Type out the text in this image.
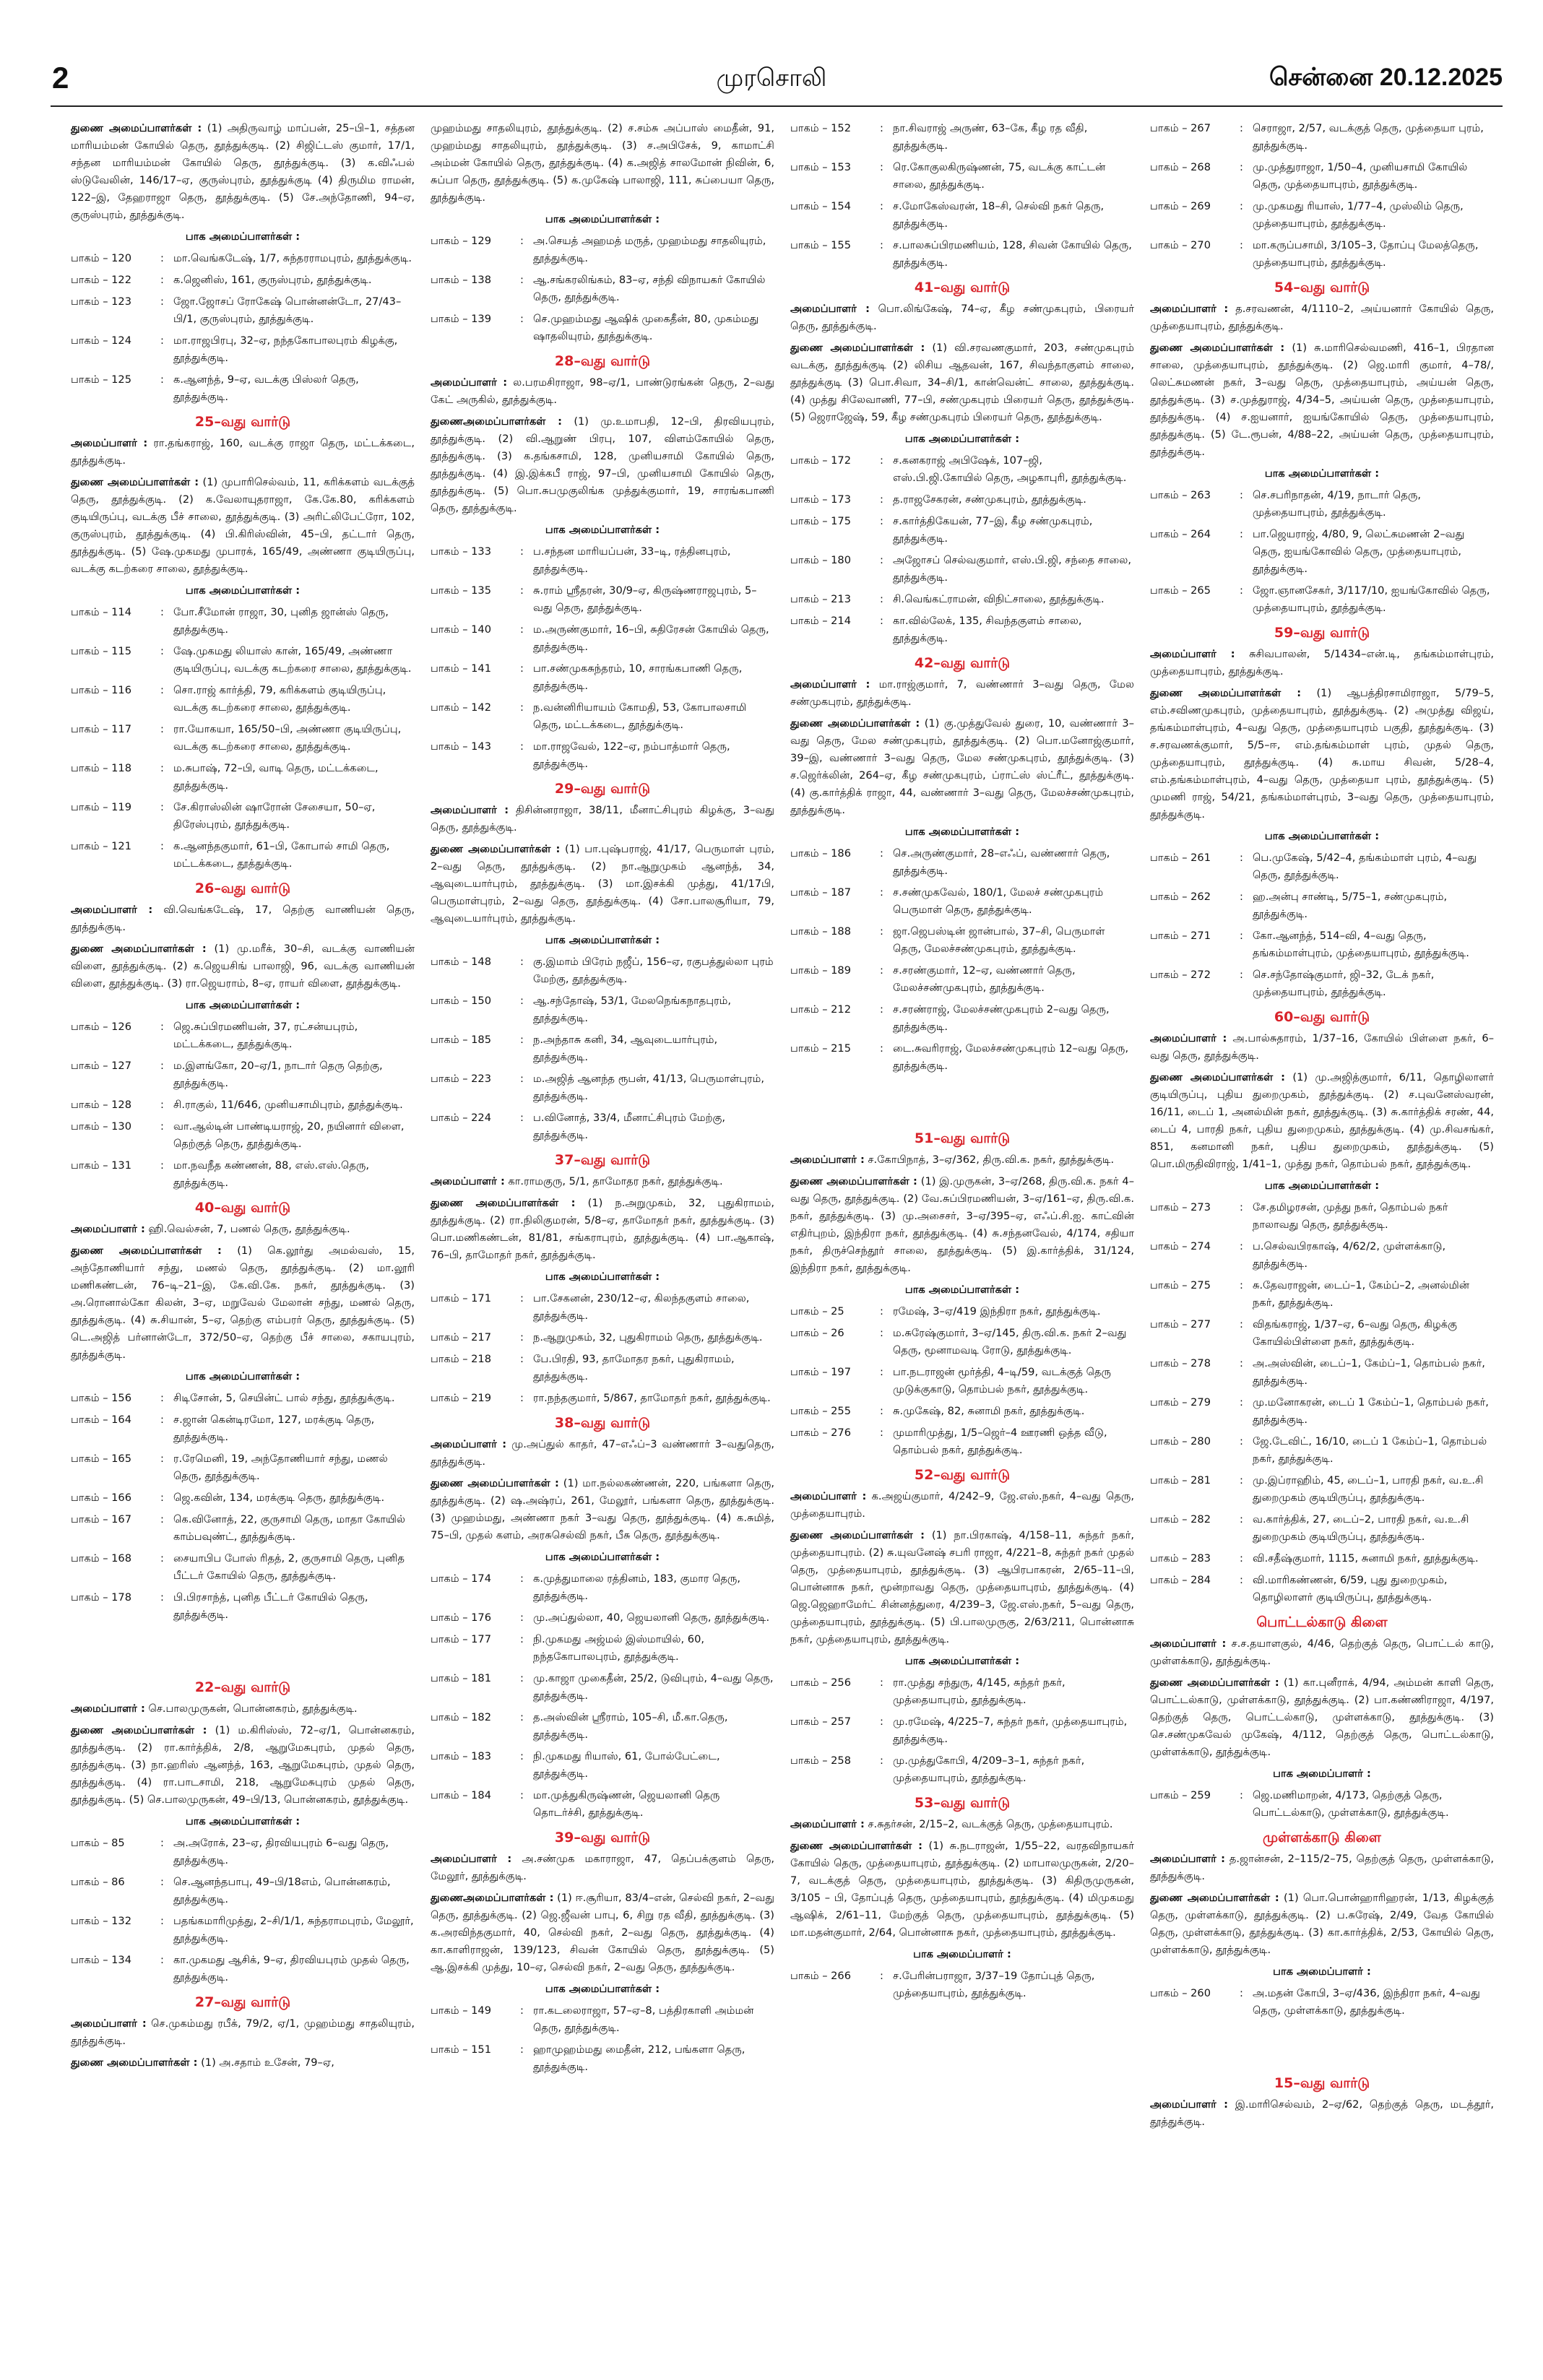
2	முரசொலி	சென்னை 20.12.2025

துணை அமைப்பாளர்கள் : (1) அதிருவாழ் மாப்பன், 25–பி–1, சத்தன மாரியம்மன் கோயில் தெரு, தூத்துக்குடி. (2) சிஜிட்டஸ் குமார், 17/1, சந்தன மாரியம்மன் கோயில் தெரு, தூத்துக்குடி. (3) க.விஃபல் ஸ்டுவேலின், 146/17–ஏ, குருஸ்புரம், தூத்துக்குடி (4) திருமிம ராமன், 122–இ, தேஹராஜா தெரு, தூத்துக்குடி. (5) சே.அந்தோணி, 94–ஏ, குருஸ்புரம், தூத்துக்குடி.

பாக அமைப்பாளர்கள் :
பாகம் – 120	: மா.வெங்கடேஷ், 1/7, சுந்தரராமபுரம், தூத்துக்குடி.
பாகம் – 122	: க.ஜெனிஸ், 161, குருஸ்புரம், தூத்துக்குடி.
பாகம் – 123	: ஜோ.ஜோசப் ரோகேஷ் பொன்னன்டோ, 27/43–பி/1, குருஸ்புரம், தூத்துக்குடி.
பாகம் – 124	: மா.ராஜபிரபு, 32–ஏ, நந்தகோபாலபுரம் கிழக்கு, தூத்துக்குடி.
பாகம் – 125	: க.ஆனந்த், 9–ஏ, வடக்கு பிஸ்லர் தெரு, தூத்துக்குடி.
25–வது வார்டு

அமைப்பாளர் : ரா.தங்கராஜ், 160, வடக்கு ராஜா தெரு, மட்டக்கடை, தூத்துக்குடி.

துணை அமைப்பாளர்கள் : (1) முபாரிசெல்வம், 11, கரிக்களம் வடக்குத் தெரு, தூத்துக்குடி. (2) க.வேலாயுதராஜா, கே.கே.80, கரிக்களம் குடியிருப்பு, வடக்கு பீச் சாலை, தூத்துக்குடி. (3) அரிட்லிபேட்ரோ, 102, குருஸ்புரம், தூத்துக்குடி. (4) பி.கிரிஸ்வின், 45–பி, தட்டார் தெரு, தூத்துக்குடி. (5) ஷே.முகமது முபாரக், 165/49, அண்ணா குடியிருப்பு, வடக்கு கடற்கரை சாலை, தூத்துக்குடி.

பாக அமைப்பாளர்கள் :
பாகம் – 114	: போ.சீமோன் ராஜா, 30, புனித ஜான்ஸ் தெரு, தூத்துக்குடி.
பாகம் – 115	: ஷே.முகமது லியாஸ் கான், 165/49, அண்ணா குடியிருப்பு, வடக்கு கடற்கரை சாலை, தூத்துக்குடி.
பாகம் – 116	: சொ.ராஜ் கார்த்தி, 79, கரிக்களம் குடியிருப்பு, வடக்கு கடற்கரை சாலை, தூத்துக்குடி.
பாகம் – 117	: ரா.யோகயா, 165/50–பி, அண்ணா குடியிருப்பு, வடக்கு கடற்கரை சாலை, தூத்துக்குடி.
பாகம் – 118	: ம.சுபாஷ், 72–பி, வாடி தெரு, மட்டக்கடை, தூத்துக்குடி.
பாகம் – 119	: சே.கிராஸ்லின் ஷாரோன் சேசையா, 50–ஏ, திரேஸ்புரம், தூத்துக்குடி.
பாகம் – 121	: க.ஆனந்தகுமார், 61–பி, கோபால் சாமி தெரு, மட்டக்கடை, தூத்துக்குடி.
26–வது வார்டு

அமைப்பாளர் : வி.வெங்கடேஷ், 17, தெற்கு வாணியன் தெரு, தூத்துக்குடி.

துணை அமைப்பாளர்கள் : (1) மு.மரீக், 30–சி, வடக்கு வாணியன் விளை, தூத்துக்குடி. (2) க.ஜெயசிங் பாலாஜி, 96, வடக்கு வாணியன் விளை, தூத்துக்குடி. (3) ரா.ஜெயராம், 8–ஏ, ராயர் விளை, தூத்துக்குடி.

பாக அமைப்பாளர்கள் :
பாகம் – 126	: ஜெ.சுப்பிரமணியன், 37, ரட்சன்யபுரம், மட்டக்கடை, தூத்துக்குடி.
பாகம் – 127	: ம.இளங்கோ, 20–ஏ/1, நாடார் தெரு தெற்கு, தூத்துக்குடி.
பாகம் – 128	: சி.ராகுல், 11/646, முனியசாமிபுரம், தூத்துக்குடி.
பாகம் – 130	: வா.ஆல்டின் பாண்டியராஜ், 20, நயினார் விளை, தெற்குத் தெரு, தூத்துக்குடி.
பாகம் – 131	: மா.நவநீத கண்ணன், 88, எஸ்.எஸ்.தெரு, தூத்துக்குடி.
40–வது வார்டு

அமைப்பாளர் : ஹி.வெல்சன், 7, பணல் தெரு, தூத்துக்குடி.

துணை அமைப்பாளர்கள் : (1) கெ.லூர்து அமல்வஸ், 15, அந்தோணியார் சந்து, மணல் தெரு, தூத்துக்குடி. (2) மா.லூரி மணிகண்டன், 76–டி–21–இ, கே.வி.கே. நகர், தூத்துக்குடி. (3) அ.ரொனால்கோ கிலன், 3–ஏ, மறுவேல் மேலான் சந்து, மணல் தெரு, தூத்துக்குடி. (4) சு.சியான், 5–ஏ, தெற்கு எம்பரர் தெரு, தூத்துக்குடி. (5) டெ.அஜித் பர்னான்டோ, 372/50–ஏ, தெற்கு பீச் சாலை, சகாயபுரம், தூத்துக்குடி.

பாக அமைப்பாளர்கள் :
பாகம் – 156	: சிடிசோன், 5, செயின்ட் பால் சந்து, தூத்துக்குடி.
பாகம் – 164	: ச.ஜான் கென்டிரமோ, 127, மரக்குடி தெரு, தூத்துக்குடி.
பாகம் – 165	: ர.ரேமெனி, 19, அந்தோணியார் சந்து, மணல் தெரு, தூத்துக்குடி.
பாகம் – 166	: ஜெ.கவின், 134, மரக்குடி தெரு, தூத்துக்குடி.
பாகம் – 167	: கெ.வினோத், 22, குருசாமி தெரு, மாதா கோயில் காம்பவுண்ட், தூத்துக்குடி.
பாகம் – 168	: சையாபிப போஸ் ரிதத், 2, குருசாமி தெரு, புனித பீட்டர் கோயில் தெரு, தூத்துக்குடி.
பாகம் – 178	: பி.பிரசாந்த், புனித பீட்டர் கோயில் தெரு, தூத்துக்குடி.
22–வது வார்டு

அமைப்பாளர் : செ.பாலமுருகன், பொன்னகரம், தூத்துக்குடி.

துணை அமைப்பாளர்கள் : (1) ம.கிரிஸ்ஸ், 72–ஏ/1, பொன்னகரம், தூத்துக்குடி. (2) ரா.கார்த்திக், 2/8, ஆறுமேசுபுரம், முதல் தெரு, தூத்துக்குடி. (3) நா.ஹரிஸ் ஆனந்த், 163, ஆறுமேசுபுரம், முதல் தெரு, தூத்துக்குடி. (4) ரா.பாடசாமி, 218, ஆறுமேசுபுரம் முதல் தெரு, தூத்துக்குடி. (5) செ.பாலமுருகன், 49–பி/13, பொன்னகரம், தூத்துக்குடி.

பாக அமைப்பாளர்கள் :
பாகம் – 85	: அ.அரோக், 23–ஏ, திரவியபுரம் 6–வது தெரு, தூத்துக்குடி.
பாகம் – 86	: செ.ஆனந்தபாபு, 49–பி/18எம், பொன்னகரம், தூத்துக்குடி.
பாகம் – 132	: பதங்கமாரிமுத்து, 2–சி/1/1, சுந்தராமபுரம், மேலூர், தூத்துக்குடி.
பாகம் – 134	: கா.முகமது ஆசிக், 9–ஏ, திரவியபுரம் முதல் தெரு, தூத்துக்குடி.
27–வது வார்டு

அமைப்பாளர் : செ.முகம்மது ரபீக், 79/2, ஏ/1, முஹம்மது சாதலியுரம், தூத்துக்குடி.

துணை அமைப்பாளர்கள் : (1) அ.சதாம் உசேன், 79–ஏ,

முஹம்மது சாதலியுரம், தூத்துக்குடி. (2) ச.சம்சு அப்பாஸ் மைதீன், 91, முஹம்மது சாதலியுரம், தூத்துக்குடி. (3) ச.அபிசேக், 9, காமாட்சி அம்மன் கோயில் தெரு, தூத்துக்குடி. (4) க.அஜித் சாலமோன் நிவின், 6, சுப்பா தெரு, தூத்துக்குடி. (5) க.முகேஷ் பாலாஜி, 111, சுப்பையா தெரு, தூத்துக்குடி.

பாக அமைப்பாளர்கள் :
பாகம் – 129	: அ.செயத் அஹமத் மருத், முஹம்மது சாதலியுரம், தூத்துக்குடி.
பாகம் – 138	: ஆ.சங்கரலிங்கம், 83–ஏ, சந்தி விநாயகர் கோயில் தெரு, தூத்துக்குடி.
பாகம் – 139	: செ.முஹம்மது ஆஷிக் முகைதீன், 80, முகம்மது ஷாதலியுரம், தூத்துக்குடி.
28–வது வார்டு

அமைப்பாளர் : ல.பரமசிராஜா, 98–ஏ/1, பாண்டுரங்கன் தெரு, 2–வது கேட் அருகில், தூத்துக்குடி.

துணைஅமைப்பாளர்கள் : (1) மு.உமாபதி, 12–பி, திரவியபுரம், தூத்துக்குடி. (2) வி.ஆறுண் பிரபு, 107, விளம்கோயில் தெரு, தூத்துக்குடி. (3) க.தங்கசாமி, 128, முனியசாமி கோயில் தெரு, தூத்துக்குடி. (4) இ.இக்கபீ ராஜ், 97–பி, முனியசாமி கோயில் தெரு, தூத்துக்குடி. (5) பொ.சுபமுகுலிங்க முத்துக்குமார், 19, சாரங்கபாணி தெரு, தூத்துக்குடி.

பாக அமைப்பாளர்கள் :
பாகம் – 133	: ப.சந்தன மாரியப்பன், 33–டி, ரத்தினபுரம், தூத்துக்குடி.
பாகம் – 135	: சு.ராம் ஸ்ரீதரன், 30/9–ஏ, கிருஷ்ணராஜபுரம், 5–வது தெரு, தூத்துக்குடி.
பாகம் – 140	: ம.அருண்குமார், 16–பி, சுதிரேசன் கோயில் தெரு, தூத்துக்குடி.
பாகம் – 141	: பா.சண்முகசுந்தரம், 10, சாரங்கபாணி தெரு, தூத்துக்குடி.
பாகம் – 142	: ந.வன்னிரியாயம் கோமதி, 53, கோபாலசாமி தெரு, மட்டக்கடை, தூத்துக்குடி.
பாகம் – 143	: மா.ராஜவேல், 122–ஏ, நம்பாத்மார் தெரு, தூத்துக்குடி.
29–வது வார்டு

அமைப்பாளர் : திசின்னராஜா, 38/11, மீனாட்சிபுரம் கிழக்கு, 3–வது தெரு, தூத்துக்குடி.

துணை அமைப்பாளர்கள் : (1) பா.புஷ்பராஜ், 41/17, பெருமாள் புரம், 2–வது தெரு, தூத்துக்குடி. (2) நா.ஆறுமுகம் ஆனந்த், 34, ஆவுடையார்புரம், தூத்துக்குடி. (3) மா.இசக்கி முத்து, 41/17பி, பெருமாள்புரம், 2–வது தெரு, தூத்துக்குடி. (4) சோ.பாலசூரியா, 79, ஆவுடையார்புரம், தூத்துக்குடி.

பாக அமைப்பாளர்கள் :
பாகம் – 148	: கு.இமாம் பிரேம் நஜீப், 156–ஏ, ரகுபத்துல்லா புரம் மேற்கு, தூத்துக்குடி.
பாகம் – 150	: ஆ.சந்தோஷ், 53/1, மேலநெங்கநாதபுரம், தூத்துக்குடி.
பாகம் – 185	: ந.அந்தாசு கனி, 34, ஆவுடையார்புரம், தூத்துக்குடி.
பாகம் – 223	: ம.அஜித் ஆனந்த ரூபன், 41/13, பெருமாள்புரம், தூத்துக்குடி.
பாகம் – 224	: ப.வினோத், 33/4, மீனாட்சிபுரம் மேற்கு, தூத்துக்குடி.
37–வது வார்டு

அமைப்பாளர் : கா.ராமகுரு, 5/1, தாமோதர நகர், தூத்துக்குடி.

துணை அமைப்பாளர்கள் : (1) ந.அறுமுகம், 32, புதுகிராமம், தூத்துக்குடி. (2) ரா.நிலிகுமரன், 5/8–ஏ, தாமோதர் நகர், தூத்துக்குடி. (3) பொ.மணிகண்டன், 81/81, சங்கராபுரம், தூத்துக்குடி. (4) பா.ஆகாஷ், 76–பி, தாமோதர் நகர், தூத்துக்குடி.

பாக அமைப்பாளர்கள் :
பாகம் – 171	: பா.சேகனன், 230/12–ஏ, கிலந்தகுளம் சாலை, தூத்துக்குடி.
பாகம் – 217	: ந.ஆறுமுகம், 32, புதுகிராமம் தெரு, தூத்துக்குடி.
பாகம் – 218	: பே.பிரதி, 93, தாமோதர நகர், புதுகிராமம், தூத்துக்குடி.
பாகம் – 219	: ரா.நந்தகுமார், 5/867, தாமோதர் நகர், தூத்துக்குடி.
38–வது வார்டு

அமைப்பாளர் : மு.அப்துல் காதர், 47–எஃப்–3 வண்ணார் 3–வதுதெரு, தூத்துக்குடி.

துணை அமைப்பாளர்கள் : (1) மா.நல்லகண்ணன், 220, பங்களா தெரு, தூத்துக்குடி. (2) ஷ.அஷ்ரப், 261, மேலூர், பங்களா தெரு, தூத்துக்குடி. (3) முஹம்மது, அண்ணா நகர் 3–வது தெரு, தூத்துக்குடி. (4) க.சுமித், 75–பி, முதல் களம், அரசுசெல்வி நகர், பீசு தெரு, தூத்துக்குடி.

பாக அமைப்பாளர்கள் :
பாகம் – 174	: க.முத்துமாலை ரத்தினம், 183, குமார தெரு, தூத்துக்குடி.
பாகம் – 176	: மு.அப்துல்லா, 40, ஜெயலானி தெரு, தூத்துக்குடி.
பாகம் – 177	: நி.முகமது அஜ்மல் இஸ்மாயில், 60, நந்தகோபாலபுரம், தூத்துக்குடி.
பாகம் – 181	: மு.காஜா முகைதீன், 25/2, டுவிபுரம், 4–வது தெரு, தூத்துக்குடி.
பாகம் – 182	: த.அஸ்வின் ஸ்ரீராம், 105–சி, மீ.கா.தெரு, தூத்துக்குடி.
பாகம் – 183	: நி.முகமது ரியாஸ், 61, போல்பேட்டை, தூத்துக்குடி.
பாகம் – 184	: மா.முத்துகிருஷ்ணன், ஜெயலானி தெரு தொடர்ச்சி, தூத்துக்குடி.
39–வது வார்டு

அமைப்பாளர் : அ.சண்முக மகாராஜா, 47, தெப்பக்குளம் தெரு, மேலூர், தூத்துக்குடி.

துணைஅமைப்பாளர்கள் : (1) ஈ.சூரியா, 83/4–என், செல்வி நகர், 2–வது தெரு, தூத்துக்குடி. (2) ஜெ.ஜீவன் பாபு, 6, சிறு ரத வீதி, தூத்துக்குடி. (3) க.அரவிந்தகுமார், 40, செல்வி நகர், 2–வது தெரு, தூத்துக்குடி. (4) கா.காளிராஜன், 139/123, சிவன் கோயில் தெரு, தூத்துக்குடி. (5) ஆ.இசக்கி முத்து, 10–ஏ, செல்வி நகர், 2–வது தெரு, தூத்துக்குடி.

பாக அமைப்பாளர்கள் :
பாகம் – 149	: ரா.கடலைராஜா, 57–ஏ–8, பத்திரகாளி அம்மன் தெரு, தூத்துக்குடி.
பாகம் – 151	: ஹாமுஹம்மது மைதீன், 212, பங்களா தெரு, தூத்துக்குடி.
பாகம் – 152	: நா.சிவராஜ் அருண், 63–கே, கீழ ரத வீதி, தூத்துக்குடி.
பாகம் – 153	: ரெ.கோகுலகிருஷ்ணன், 75, வடக்கு காட்டன் சாலை, தூத்துக்குடி.
பாகம் – 154	: ச.மோகேஸ்வரன், 18–சி, செல்வி நகர் தெரு, தூத்துக்குடி.
பாகம் – 155	: ச.பாலசுப்பிரமணியம், 128, சிவன் கோயில் தெரு, தூத்துக்குடி.
41–வது வார்டு

அமைப்பாளர் : பொ.லிங்கேஷ், 74–ஏ, கீழ சண்முகபுரம், பிரையர் தெரு, தூத்துக்குடி.

துணை அமைப்பாளர்கள் : (1) வி.சரவணகுமார், 203, சண்முகபுரம் வடக்கு, தூத்துக்குடி (2) லிசிய ஆதவன், 167, சிவந்தாகுளம் சாலை, தூத்துக்குடி (3) பொ.சிவா, 34–சி/1, கான்வென்ட் சாலை, தூத்துக்குடி. (4) முத்து சிலேவாணி, 77–பி, சண்முகபுரம் பிரையர் தெரு, தூத்துக்குடி. (5) ஜெராஜேஷ், 59, கீழ சண்முகபுரம் பிரையர் தெரு, தூத்துக்குடி.

பாக அமைப்பாளர்கள் :
பாகம் – 172	: ச.கனகராஜ் அபிஷேக், 107–ஜி, எஸ்.பி.ஜி.கோயில் தெரு, அழகாபுரி, தூத்துக்குடி.
பாகம் – 173	: த.ராஜசேகரன், சண்முகபுரம், தூத்துக்குடி.
பாகம் – 175	: ச.கார்த்திகேயன், 77–இ, கீழ சண்முகபுரம், தூத்துக்குடி.
பாகம் – 180	: அஜோசப் செல்வகுமார், எஸ்.பி.ஜி, சந்தை சாலை, தூத்துக்குடி.
பாகம் – 213	: சி.வெங்கட்ராமன், விநிட்சாலை, தூத்துக்குடி.
பாகம் – 214	: கா.வில்லேக், 135, சிவந்தகுளம் சாலை, தூத்துக்குடி.
42–வது வார்டு

அமைப்பாளர் : மா.ராஜ்குமார், 7, வண்ணார் 3–வது தெரு, மேல சண்முகபுரம், தூத்துக்குடி.

துணை அமைப்பாளர்கள் : (1) கு.முத்துவேல் துரை, 10, வண்ணார் 3–வது தெரு, மேல சண்முகபுரம், தூத்துக்குடி. (2) பொ.மனோஜ்குமார், 39–இ, வண்ணார் 3–வது தெரு, மேல சண்முகபுரம், தூத்துக்குடி. (3) ச.ஜெர்க்லின், 264–ஏ, கீழ சண்முகபுரம், ப்ராட்ஸ் ஸ்ட்ரீட், தூத்துக்குடி. (4) கு.கார்த்திக் ராஜா, 44, வண்ணார் 3–வது தெரு, மேலச்சண்முகபுரம், தூத்துக்குடி.

பாக அமைப்பாளர்கள் :
பாகம் – 186	: செ.அருண்குமார், 28–எஃப், வண்ணார் தெரு, தூத்துக்குடி.
பாகம் – 187	: ச.சண்முகவேல், 180/1, மேலச் சண்முகபுரம் பெருமாள் தெரு, தூத்துக்குடி.
பாகம் – 188	: ஜா.ஜெபஸ்டின் ஜான்பால், 37–சி, பெருமாள் தெரு, மேலச்சண்முகபுரம், தூத்துக்குடி.
பாகம் – 189	: ச.சரண்குமார், 12–ஏ, வண்ணார் தெரு, மேலச்சண்முகபுரம், தூத்துக்குடி.
பாகம் – 212	: ச.சரண்ராஜ், மேலச்சண்முகபுரம் 2–வது தெரு, தூத்துக்குடி.
பாகம் – 215	: டை.சுவரிராஜ், மேலச்சண்முகபுரம் 12–வது தெரு, தூத்துக்குடி.
51–வது வார்டு

அமைப்பாளர் : ச.கோபிநாத், 3–ஏ/362, திரு.வி.க. நகர், தூத்துக்குடி.

துணை அமைப்பாளர்கள் : (1) இ.முருகன், 3–ஏ/268, திரு.வி.க. நகர் 4–வது தெரு, தூத்துக்குடி. (2) வே.சுப்பிரமணியன், 3–ஏ/161–ஏ, திரு.வி.க. நகர், தூத்துக்குடி. (3) மு.அசைசர், 3–ஏ/395–ஏ, எஃப்.சி.ஐ. காட்வின் எதிர்புறம், இந்திரா நகர், தூத்துக்குடி. (4) சு.சந்தனவேல், 4/174, சதியா நகர், திருச்செந்தூர் சாலை, தூத்துக்குடி. (5) இ.கார்த்திக், 31/124, இந்திரா நகர், தூத்துக்குடி.

பாக அமைப்பாளர்கள் :
பாகம் – 25	: ரமேஷ், 3–ஏ/419 இந்திரா நகர், தூத்துக்குடி.
பாகம் – 26	: ம.சுரேஷ்குமார், 3–ஏ/145, திரு.வி.க. நகர் 2–வது தெரு, மூனாமவடி ரோடு, தூத்துக்குடி.
பாகம் – 197	: பா.நடராஜன் மூர்த்தி, 4–டி/59, வடக்குத் தெரு முடுக்குகாடு, தொம்பல் நகர், தூத்துக்குடி.
பாகம் – 255	: சு.முகேஷ், 82, சுனாமி நகர், தூத்துக்குடி.
பாகம் – 276	: முமாரிமுத்து, 1/5–ஜெர்–4 ஊரணி ஒத்த வீடு, தொம்பல் நகர், தூத்துக்குடி.
52–வது வார்டு

அமைப்பாளர் : க.அஜய்குமார், 4/242–9, ஜே.எஸ்.நகர், 4–வது தெரு, முத்தையாபுரம்.

துணை அமைப்பாளர்கள் : (1) நா.பிரகாஷ், 4/158–11, சுந்தர் நகர், முத்தையாபுரம். (2) சு.யுவனேஷ் சபரி ராஜா, 4/221–8, சுந்தர் நகர் முதல் தெரு, முத்தையாபுரம், தூத்துக்குடி. (3) ஆபிரபாகரன், 2/65–11–பி, பொன்னாசு நகர், மூன்றாவது தெரு, முத்தையாபுரம், தூத்துக்குடி. (4) ஜெ.ஜெஹாமேர்ட் சின்னத்துரை, 4/239–3, ஜே.எஸ்.நகர், 5–வது தெரு, முத்தையாபுரம், தூத்துக்குடி. (5) பி.பாலமுருகு, 2/63/211, பொன்னாசு நகர், முத்தையாபுரம், தூத்துக்குடி.

பாக அமைப்பாளர்கள் :
பாகம் – 256	: ரா.முத்து சந்துரு, 4/145, சுந்தர் நகர், முத்தையாபுரம், தூத்துக்குடி.
பாகம் – 257	: மு.ரமேஷ், 4/225–7, சுந்தர் நகர், முத்தையாபுரம், தூத்துக்குடி.
பாகம் – 258	: மு.முத்துகோபி, 4/209–3–1, சுந்தர் நகர், முத்தையாபுரம், தூத்துக்குடி.
53–வது வார்டு

அமைப்பாளர் : ச.சுதர்சன், 2/15–2, வடக்குத் தெரு, முத்தையாபுரம்.

துணை அமைப்பாளர்கள் : (1) சு.நடராஜன், 1/55–22, வரதவிநாயகர் கோயில் தெரு, முத்தையாபுரம், தூத்துக்குடி. (2) மாபாலமுருகன், 2/20–7, வடக்குத் தெரு, முத்தையாபுரம், தூத்துக்குடி. (3) கிதிருமுருகன், 3/105 – பி, தோப்புத் தெரு, முத்தையாபுரம், தூத்துக்குடி. (4) மிமுகமது ஆஷிக், 2/61–11, மேற்குத் தெரு, முத்தையாபுரம், தூத்துக்குடி. (5) மா.மதன்குமார், 2/64, பொன்னாசு நகர், முத்தையாபுரம், தூத்துக்குடி.

பாக அமைப்பாளர் :
பாகம் – 266	: ச.பேரின்பராஜா, 3/37–19 தோப்புத் தெரு, முத்தையாபுரம், தூத்துக்குடி.
பாகம் – 267	: செராஜா, 2/57, வடக்குத் தெரு, முத்தையா புரம், தூத்துக்குடி.
பாகம் – 268	: மு.முத்துராஜா, 1/50–4, முனியசாமி கோயில் தெரு, முத்தையாபுரம், தூத்துக்குடி.
பாகம் – 269	: மு.முகமது ரியாஸ், 1/77–4, முஸ்லிம் தெரு, முத்தையாபுரம், தூத்துக்குடி.
பாகம் – 270	: மா.கருப்பசாமி, 3/105–3, தோப்பு மேலத்தெரு, முத்தையாபுரம், தூத்துக்குடி.
54–வது வார்டு

அமைப்பாளர் : த.சரவணன், 4/1110–2, அய்யனார் கோயில் தெரு, முத்தையாபுரம், தூத்துக்குடி.

துணை அமைப்பாளர்கள் : (1) சு.மாரிசெல்வமணி, 416–1, பிரதான சாலை, முத்தையாபுரம், தூத்துக்குடி. (2) ஜெ.மாரி குமார், 4–78/, லெட்சுமணன் நகர், 3–வது தெரு, முத்தையாபுரம், அய்யன் தெரு, தூத்துக்குடி. (3) ச.முத்துராஜ், 4/34–5, அய்யன் தெரு, முத்தையாபுரம், தூத்துக்குடி. (4) ச.ஐயனார், ஐயங்கோயில் தெரு, முத்தையாபுரம், தூத்துக்குடி. (5) டே.ரூபன், 4/88–22, அய்யன் தெரு, முத்தையாபுரம், தூத்துக்குடி.

பாக அமைப்பாளர்கள் :
பாகம் – 263	: செ.சபரிநாதன், 4/19, நாடார் தெரு, முத்தையாபுரம், தூத்துக்குடி.
பாகம் – 264	: பா.ஜெயராஜ், 4/80, 9, லெட்சுமணன் 2–வது தெரு, ஐயங்கோவில் தெரு, முத்தையாபுரம், தூத்துக்குடி.
பாகம் – 265	: ஜோ.ஞானசேகர், 3/117/10, ஐயங்கோவில் தெரு, முத்தையாபுரம், தூத்துக்குடி.
59–வது வார்டு

அமைப்பாளர் : சுசிவபாலன், 5/1434–என்.டி, தங்கம்மாள்புரம், முத்தையாபுரம், தூத்துக்குடி.

துணை அமைப்பாளர்கள் : (1) ஆபத்திரசாமிராஜா, 5/79–5, எம்.சவிணமுகபுரம், முத்தையாபுரம், தூத்துக்குடி. (2) அமுத்து விஜய், தங்கம்மாள்புரம், 4–வது தெரு, முத்தையாபுரம் பகுதி, தூத்துக்குடி. (3) ச.சரவணக்குமார், 5/5–ஈ, எம்.தங்கம்மாள் புரம், முதல் தெரு, முத்தையாபுரம், தூத்துக்குடி. (4) சு.மாய சிவன், 5/28–4, எம்.தங்கம்மாள்புரம், 4–வது தெரு, முத்தையா புரம், தூத்துக்குடி. (5) முமணி ராஜ், 54/21, தங்கம்மாள்புரம், 3–வது தெரு, முத்தையாபுரம், தூத்துக்குடி.

பாக அமைப்பாளர்கள் :
பாகம் – 261	: பெ.முகேஷ், 5/42–4, தங்கம்மாள் புரம், 4–வது தெரு, தூத்துக்குடி.
பாகம் – 262	: ஹ.அன்பு சாண்டி, 5/75–1, சண்முகபுரம், தூத்துக்குடி.
பாகம் – 271	: கோ.ஆனந்த், 514–வி, 4–வது தெரு, தங்கம்மாள்புரம், முத்தையாபுரம், தூத்துக்குடி.
பாகம் – 272	: செ.சந்தோஷ்குமார், ஜி–32, டேக் நகர், முத்தையாபுரம், தூத்துக்குடி.
60–வது வார்டு

அமைப்பாளர் : அ.பால்சுதாரம், 1/37–16, கோயில் பிள்ளை நகர், 6–வது தெரு, தூத்துக்குடி.

துணை அமைப்பாளர்கள் : (1) மு.அஜித்குமார், 6/11, தொழிலாளர் குடியிருப்பு, புதிய துறைமுகம், தூத்துக்குடி. (2) ச.புவனேஸ்வரன், 16/11, டைப் 1, அனல்மின் நகர், தூத்துக்குடி. (3) சு.கார்த்திக் சரண், 44, டைப் 4, பாரதி நகர், புதிய துறைமுகம், தூத்துக்குடி. (4) மு.சிவசங்கர், 851, கனமானி நகர், புதிய துறைமுகம், தூத்துக்குடி. (5) பொ.மிருதிவிராஜ், 1/41–1, முத்து நகர், தொம்பல் நகர், தூத்துக்குடி.

பாக அமைப்பாளர்கள் :
பாகம் – 273	: சே.தமிழரசன், முத்து நகர், தொம்பல் நகர் நாலாவது தெரு, தூத்துக்குடி.
பாகம் – 274	: ப.செல்வபிரகாஷ், 4/62/2, முள்ளக்காடு, தூத்துக்குடி.
பாகம் – 275	: சு.தேவராஜன், டைப்–1, கேம்ப்–2, அனல்மின் நகர், தூத்துக்குடி.
பாகம் – 277	: விதங்கராஜ், 1/37–ஏ, 6–வது தெரு, கிழக்கு கோயில்பிள்ளை நகர், தூத்துக்குடி.
பாகம் – 278	: அ.அஸ்வின், டைப்–1, கேம்ப்–1, தொம்பல் நகர், தூத்துக்குடி.
பாகம் – 279	: மு.மனோகரன், டைப் 1 கேம்ப்–1, தொம்பல் நகர், தூத்துக்குடி.
பாகம் – 280	: ஜே.டேவிட், 16/10, டைப் 1 கேம்ப்–1, தொம்பல் நகர், தூத்துக்குடி.
பாகம் – 281	: மு.இப்ராஹிம், 45, டைப்–1, பாரதி நகர், வ.உ.சி துறைமுகம் குடியிருப்பு, தூத்துக்குடி.
பாகம் – 282	: வ.கார்த்திக், 27, டைப்–2, பாரதி நகர், வ.உ.சி துறைமுகம் குடியிருப்பு, தூத்துக்குடி.
பாகம் – 283	: வி.சதீஷ்குமார், 1115, சுனாமி நகர், தூத்துக்குடி.
பாகம் – 284	: வி.மாரிகண்ணன், 6/59, புது துறைமுகம், தொழிலாளர் குடியிருப்பு, தூத்துக்குடி.
பொட்டல்காடு கிளை

அமைப்பாளர் : ச.ச.தயாளகுல், 4/46, தெற்குத் தெரு, பொட்டல் காடு, முள்ளக்காடு, தூத்துக்குடி.

துணை அமைப்பாளர்கள் : (1) கா.புனீராக், 4/94, அம்மன் காளி தெரு, பொட்டல்காடு, முள்ளக்காடு, தூத்துக்குடி. (2) பா.கண்ணிராஜா, 4/197, தெற்குத் தெரு, பொட்டல்காடு, முள்ளக்காடு, தூத்துக்குடி. (3) செ.சண்முகவேல் முகேஷ், 4/112, தெற்குத் தெரு, பொட்டல்காடு, முள்ளக்காடு, தூத்துக்குடி.

பாக அமைப்பாளர் :
பாகம் – 259	: ஜெ.மணிமாறன், 4/173, தெற்குத் தெரு, பொட்டல்காடு, முள்ளக்காடு, தூத்துக்குடி.
முள்ளக்காடு கிளை

அமைப்பாளர் : த.ஜான்சன், 2–115/2–75, தெற்குத் தெரு, முள்ளக்காடு, தூத்துக்குடி.

துணை அமைப்பாளர்கள் : (1) பொ.பொன்ஹாரிஹரன், 1/13, கிழக்குத் தெரு, முள்ளக்காடு, தூத்துக்குடி. (2) ப.சுரேஷ், 2/49, வேத கோயில் தெரு, முள்ளக்காடு, தூத்துக்குடி. (3) கா.கார்த்திக், 2/53, கோயில் தெரு, முள்ளக்காடு, தூத்துக்குடி.

பாக அமைப்பாளர் :
பாகம் – 260	: அ.மதன் கோபி, 3–ஏ/436, இந்திரா நகர், 4–வது தெரு, முள்ளக்காடு, தூத்துக்குடி.
15–வது வார்டு

அமைப்பாளர் : இ.மாரிசெல்வம், 2–ஏ/62, தெற்குத் தெரு, மடத்தூர், தூத்துக்குடி.
